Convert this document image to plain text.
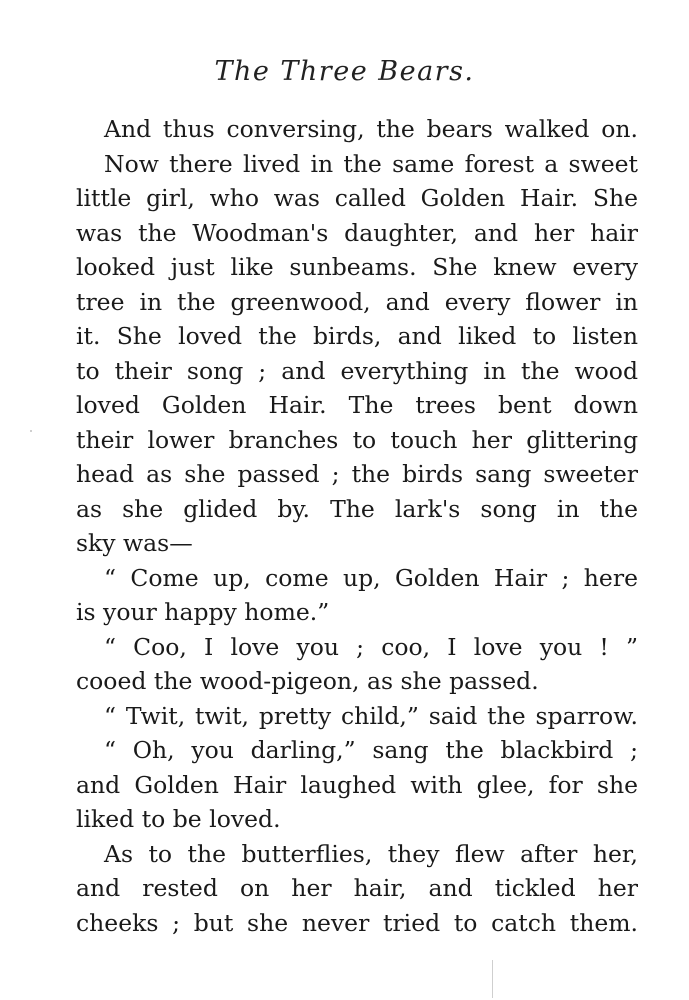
The Three Bears.
And thus conversing, the bears walked on.
Now there lived in the same forest a sweet
little girl, who was called Golden Hair. She
was the Woodman's daughter, and her hair
looked just like sunbeams. She knew every
tree in the greenwood, and every flower in
it. She loved the birds, and liked to listen
to their song ; and everything in the wood
loved Golden Hair. The trees bent down
their lower branches to touch her glittering
head as she passed ; the birds sang sweeter
as she glided by. The lark's song in the
sky was—
“ Come up, come up, Golden Hair ; here
is your happy home.”
“ Coo, I love you ; coo, I love you ! ”
cooed the wood-pigeon, as she passed.
“ Twit, twit, pretty child,” said the sparrow.
“ Oh, you darling,” sang the blackbird ;
and Golden Hair laughed with glee, for she
liked to be loved.
As to the butterflies, they flew after her,
and rested on her hair, and tickled her
cheeks ; but she never tried to catch them.
